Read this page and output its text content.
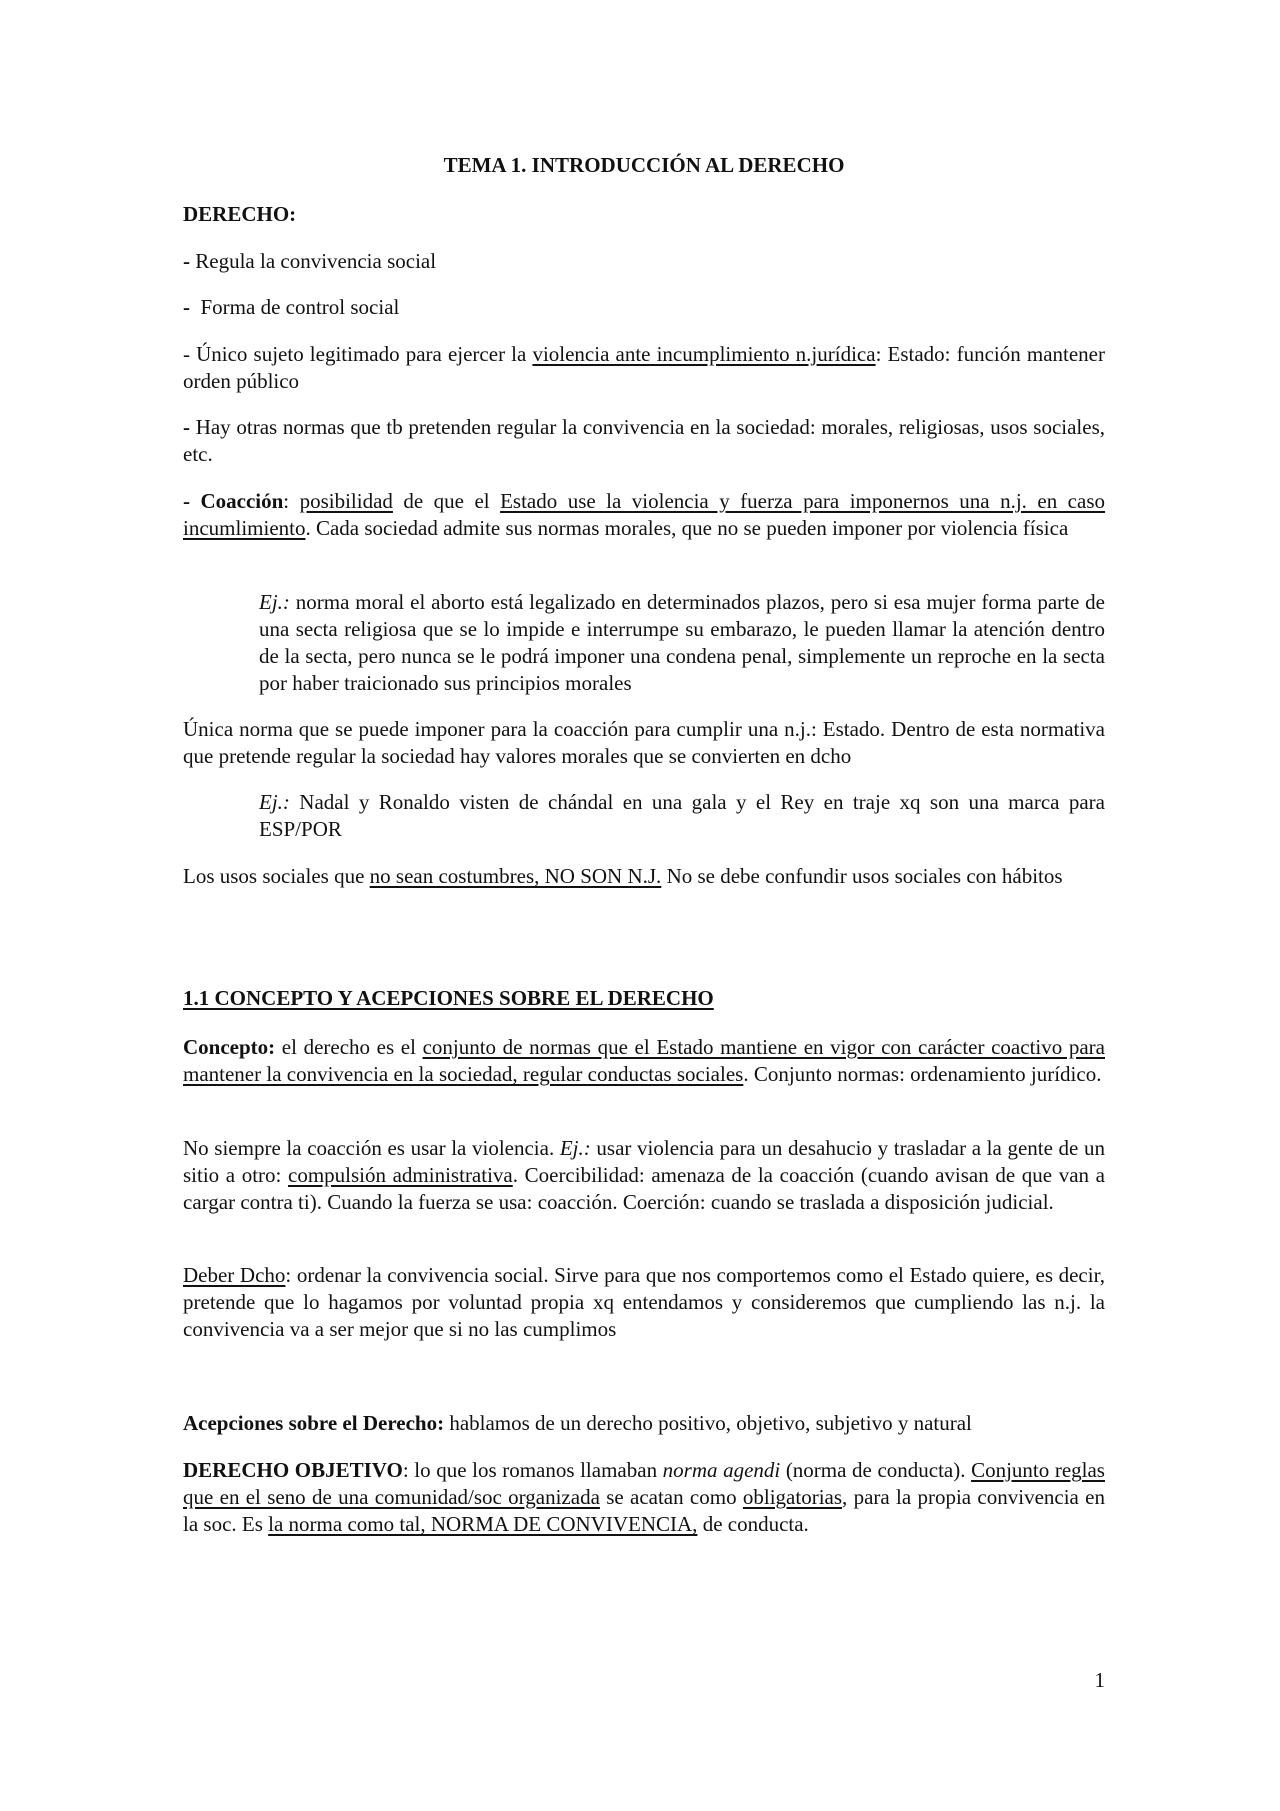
TEMA 1. INTRODUCCIÓN AL DERECHO

DERECHO:

- Regula la convivencia social

-  Forma de control social

- Único sujeto legitimado para ejercer la violencia ante incumplimiento n.jurídica: Estado: función mantener orden público

- Hay otras normas que tb pretenden regular la convivencia en la sociedad: morales, religiosas, usos sociales, etc.

- Coacción: posibilidad de que el Estado use la violencia y fuerza para imponernos una n.j. en caso incumlimiento. Cada sociedad admite sus normas morales, que no se pueden imponer por violencia física

Ej.: norma moral el aborto está legalizado en determinados plazos, pero si esa mujer forma parte de una secta religiosa que se lo impide e interrumpe su embarazo, le pueden llamar la atención dentro de la secta, pero nunca se le podrá imponer una condena penal, simplemente un reproche en la secta por haber traicionado sus principios morales

Única norma que se puede imponer para la coacción para cumplir una n.j.: Estado. Dentro de esta normativa que pretende regular la sociedad hay valores morales que se convierten en dcho

Ej.: Nadal y Ronaldo visten de chándal en una gala y el Rey en traje xq son una marca para ESP/POR

Los usos sociales que no sean costumbres, NO SON N.J. No se debe confundir usos sociales con hábitos

1.1 CONCEPTO Y ACEPCIONES SOBRE EL DERECHO

Concepto: el derecho es el conjunto de normas que el Estado mantiene en vigor con carácter coactivo para mantener la convivencia en la sociedad, regular conductas sociales. Conjunto normas: ordenamiento jurídico.

No siempre la coacción es usar la violencia. Ej.: usar violencia para un desahucio y trasladar a la gente de un sitio a otro: compulsión administrativa. Coercibilidad: amenaza de la coacción (cuando avisan de que van a cargar contra ti). Cuando la fuerza se usa: coacción. Coerción: cuando se traslada a disposición judicial.

Deber Dcho: ordenar la convivencia social. Sirve para que nos comportemos como el Estado quiere, es decir, pretende que lo hagamos por voluntad propia xq entendamos y consideremos que cumpliendo las n.j. la convivencia va a ser mejor que si no las cumplimos

Acepciones sobre el Derecho: hablamos de un derecho positivo, objetivo, subjetivo y natural

DERECHO OBJETIVO: lo que los romanos llamaban norma agendi (norma de conducta). Conjunto reglas que en el seno de una comunidad/soc organizada se acatan como obligatorias, para la propia convivencia en la soc. Es la norma como tal, NORMA DE CONVIVENCIA, de conducta.

1
